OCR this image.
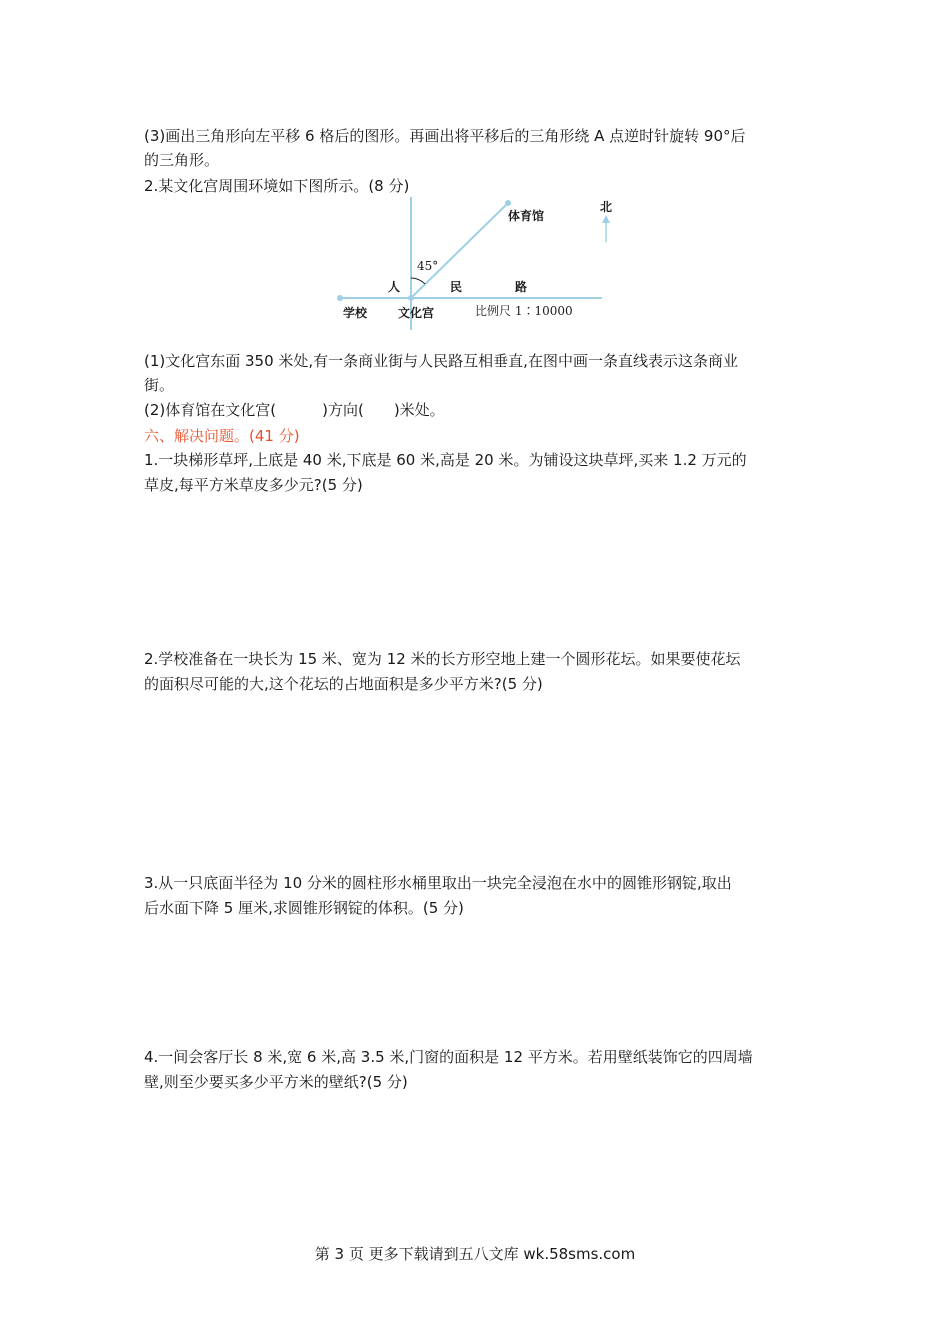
(3)画出三角形向左平移 6 格后的图形。再画出将平移后的三角形绕 A 点逆时针旋转 90°后
的三角形。
2.某文化宫周围环境如下图所示。(8 分)
体育馆
北
45°
人	民	路
学校	文化宫	比例尺 1∶10000
(1)文化宫东面 350 米处,有一条商业街与人民路互相垂直,在图中画一条直线表示这条商业
街。
(2)体育馆在文化宫(	)方向( )米处。
六、解决问题。(41 分)
1.一块梯形草坪,上底是 40 米,下底是 60 米,高是 20 米。为铺设这块草坪,买来 1.2 万元的
草皮,每平方米草皮多少元?(5 分)
2.学校准备在一块长为 15 米、宽为 12 米的长方形空地上建一个圆形花坛。如果要使花坛
的面积尽可能的大,这个花坛的占地面积是多少平方米?(5 分)
3.从一只底面半径为 10 分米的圆柱形水桶里取出一块完全浸泡在水中的圆锥形钢锭,取出
后水面下降 5 厘米,求圆锥形钢锭的体积。(5 分)
4.一间会客厅长 8 米,宽 6 米,高 3.5 米,门窗的面积是 12 平方米。若用壁纸装饰它的四周墙
壁,则至少要买多少平方米的壁纸?(5 分)
第 3 页 更多下载请到五八文库 wk.58sms.com
